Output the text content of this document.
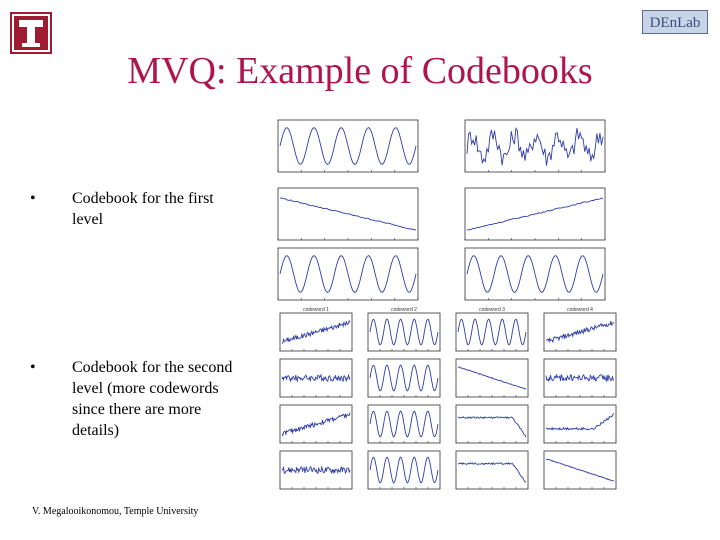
DEnLab
MVQ: Example of Codebooks
• Codebook for the first level
• Codebook for the second level (more codewords since there are more details)
codeword 1	codeword 2	codeword 3	codeword 4
V. Megalooikonomou, Temple University
